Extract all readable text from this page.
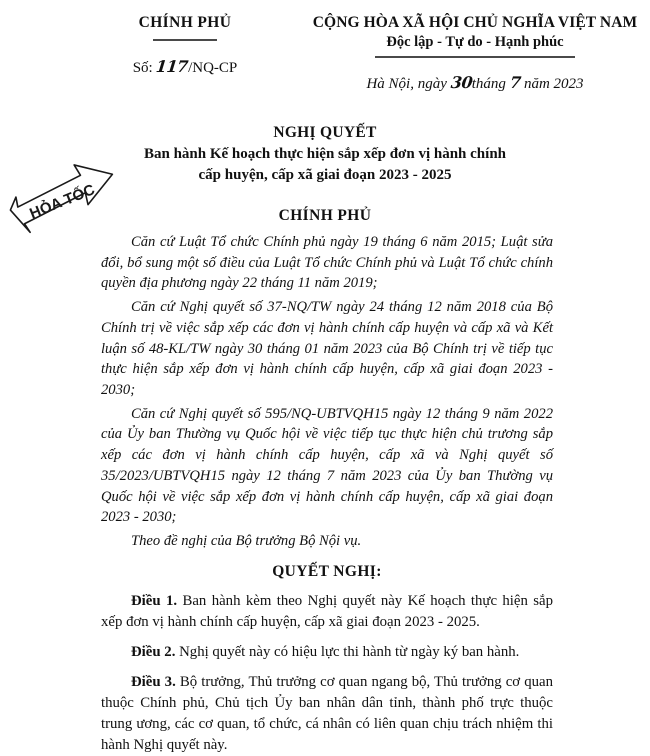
CHÍNH PHỦ
Số: 117/NQ-CP
CỘNG HÒA XÃ HỘI CHỦ NGHĨA VIỆT NAM
Độc lập - Tự do - Hạnh phúc
Hà Nội, ngày 30tháng 7 năm 2023
HỎA TỐC
NGHỊ QUYẾT
Ban hành Kế hoạch thực hiện sắp xếp đơn vị hành chính
cấp huyện, cấp xã giai đoạn 2023 - 2025
CHÍNH PHỦ

Căn cứ Luật Tổ chức Chính phủ ngày 19 tháng 6 năm 2015; Luật sửa đổi, bổ sung một số điều của Luật Tổ chức Chính phủ và Luật Tổ chức chính quyền địa phương ngày 22 tháng 11 năm 2019;

Căn cứ Nghị quyết số 37-NQ/TW ngày 24 tháng 12 năm 2018 của Bộ Chính trị về việc sắp xếp các đơn vị hành chính cấp huyện và cấp xã và Kết luận số 48-KL/TW ngày 30 tháng 01 năm 2023 của Bộ Chính trị về tiếp tục thực hiện sắp xếp đơn vị hành chính cấp huyện, cấp xã giai đoạn 2023 - 2030;

Căn cứ Nghị quyết số 595/NQ-UBTVQH15 ngày 12 tháng 9 năm 2022 của Ủy ban Thường vụ Quốc hội về việc tiếp tục thực hiện chủ trương sắp xếp các đơn vị hành chính cấp huyện, cấp xã và Nghị quyết số 35/2023/UBTVQH15 ngày 12 tháng 7 năm 2023 của Ủy ban Thường vụ Quốc hội về việc sắp xếp đơn vị hành chính cấp huyện, cấp xã giai đoạn 2023 - 2030;

Theo đề nghị của Bộ trưởng Bộ Nội vụ.

QUYẾT NGHỊ:

Điều 1. Ban hành kèm theo Nghị quyết này Kế hoạch thực hiện sắp xếp đơn vị hành chính cấp huyện, cấp xã giai đoạn 2023 - 2025.

Điều 2. Nghị quyết này có hiệu lực thi hành từ ngày ký ban hành.

Điều 3. Bộ trưởng, Thủ trưởng cơ quan ngang bộ, Thủ trưởng cơ quan thuộc Chính phủ, Chủ tịch Ủy ban nhân dân tỉnh, thành phố trực thuộc trung ương, các cơ quan, tổ chức, cá nhân có liên quan chịu trách nhiệm thi hành Nghị quyết này.
